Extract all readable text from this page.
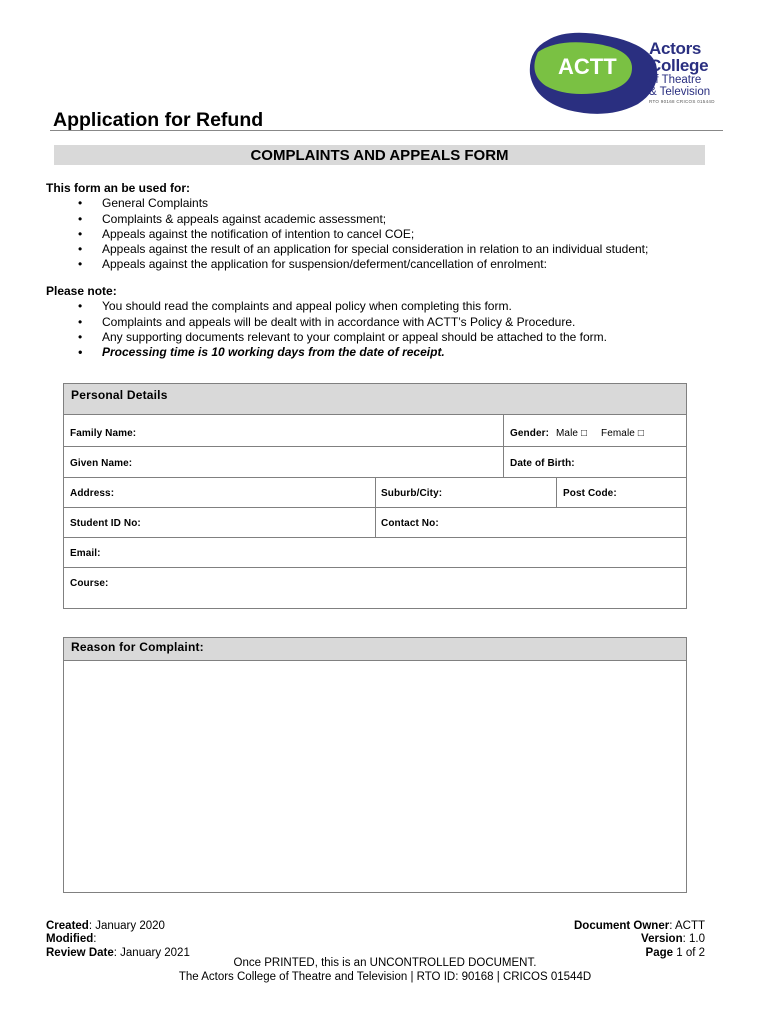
ACTT
Actors
College
of Theatre
& Television
RTO 90168 CRICOS 01544D
Application for Refund
COMPLAINTS AND APPEALS FORM
This form an be used for:
• General Complaints
• Complaints & appeals against academic assessment;
• Appeals against the notification of intention to cancel COE;
• Appeals against the result of an application for special consideration in relation to an individual student;
• Appeals against the application for suspension/deferment/cancellation of enrolment:
Please note:
• You should read the complaints and appeal policy when completing this form.
• Complaints and appeals will be dealt with in accordance with ACTT’s Policy & Procedure.
• Any supporting documents relevant to your complaint or appeal should be attached to the form.
• Processing time is 10 working days from the date of receipt.
Personal Details
Family Name:	Gender: Male □ Female □
Given Name:	Date of Birth:
Address:	Suburb/City:	Post Code:
Student ID No:	Contact No:
Email:
Course:
Reason for Complaint:
Created: January 2020
Modified:
Review Date: January 2021
Document Owner: ACTT
Version: 1.0
Page 1 of 2
Once PRINTED, this is an UNCONTROLLED DOCUMENT.
The Actors College of Theatre and Television | RTO ID: 90168 | CRICOS 01544D
